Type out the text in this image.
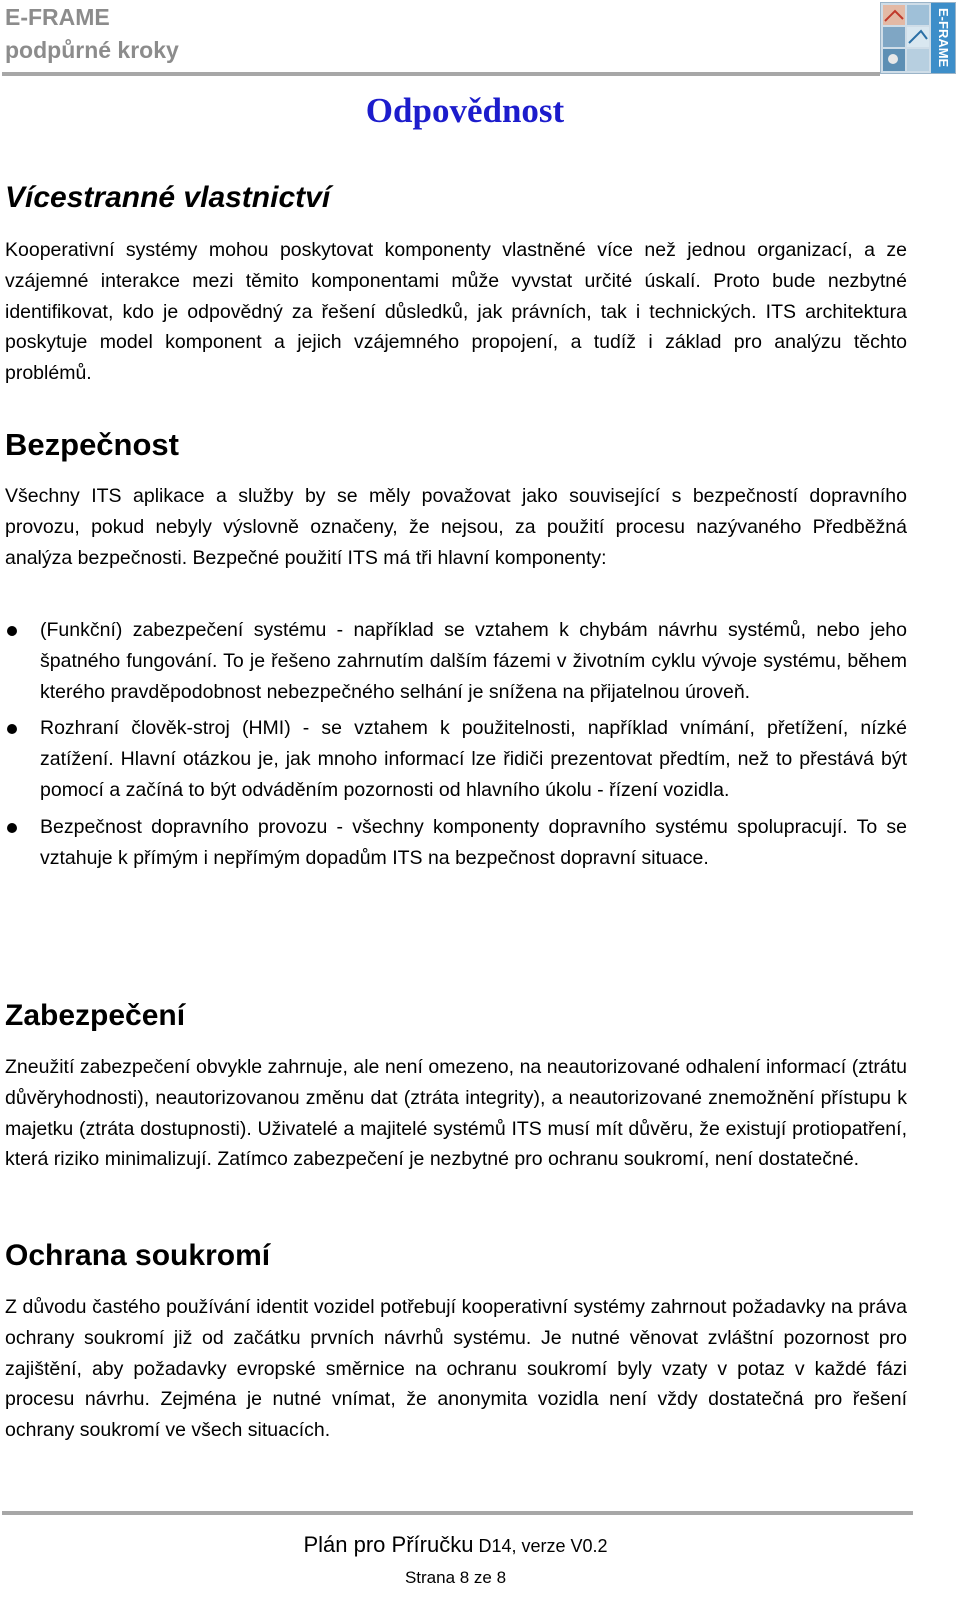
E-FRAME
podpůrné kroky	E-FRAME
Odpovědnost
Vícestranné vlastnictví

Kooperativní systémy mohou poskytovat komponenty vlastněné více než jednou organizací, a ze vzájemné interakce mezi těmito komponentami může vyvstat určité úskalí. Proto bude nezbytné identifikovat, kdo je odpovědný za řešení důsledků, jak právních, tak i technických. ITS architektura poskytuje model komponent a jejich vzájemného propojení, a tudíž i základ pro analýzu těchto problémů.

Bezpečnost

Všechny ITS aplikace a služby by se měly považovat jako související s bezpečností dopravního provozu, pokud nebyly výslovně označeny, že nejsou, za použití procesu nazývaného Předběžná analýza bezpečnosti. Bezpečné použití ITS má tři hlavní komponenty:

(Funkční) zabezpečení systému - například se vztahem k chybám návrhu systémů, nebo jeho špatného fungování. To je řešeno zahrnutím dalším fázemi v životním cyklu vývoje systému, během kterého pravděpodobnost nebezpečného selhání je snížena na přijatelnou úroveň.
Rozhraní člověk-stroj (HMI) - se vztahem k použitelnosti, například vnímání, přetížení, nízké zatížení. Hlavní otázkou je, jak mnoho informací lze řidiči prezentovat předtím, než to přestává být pomocí a začíná to být odváděním pozornosti od hlavního úkolu - řízení vozidla.
Bezpečnost dopravního provozu - všechny komponenty dopravního systému spolupracují. To se vztahuje k přímým i nepřímým dopadům ITS na bezpečnost dopravní situace.
Zabezpečení

Zneužití zabezpečení obvykle zahrnuje, ale není omezeno, na neautorizované odhalení informací (ztrátu důvěryhodnosti), neautorizovanou změnu dat (ztráta integrity), a neautorizované znemožnění přístupu k majetku (ztráta dostupnosti). Uživatelé a majitelé systémů ITS musí mít důvěru, že existují protiopatření, která riziko minimalizují. Zatímco zabezpečení je nezbytné pro ochranu soukromí, není dostatečné.

Ochrana soukromí

Z důvodu častého používání identit vozidel potřebují kooperativní systémy zahrnout požadavky na práva ochrany soukromí již od začátku prvních návrhů systému. Je nutné věnovat zvláštní pozornost pro zajištění, aby požadavky evropské směrnice na ochranu soukromí byly vzaty v potaz v každé fázi procesu návrhu. Zejména je nutné vnímat, že anonymita vozidla není vždy dostatečná pro řešení ochrany soukromí ve všech situacích.

Plán pro Příručku D14, verze V0.2
Strana 8 ze 8
